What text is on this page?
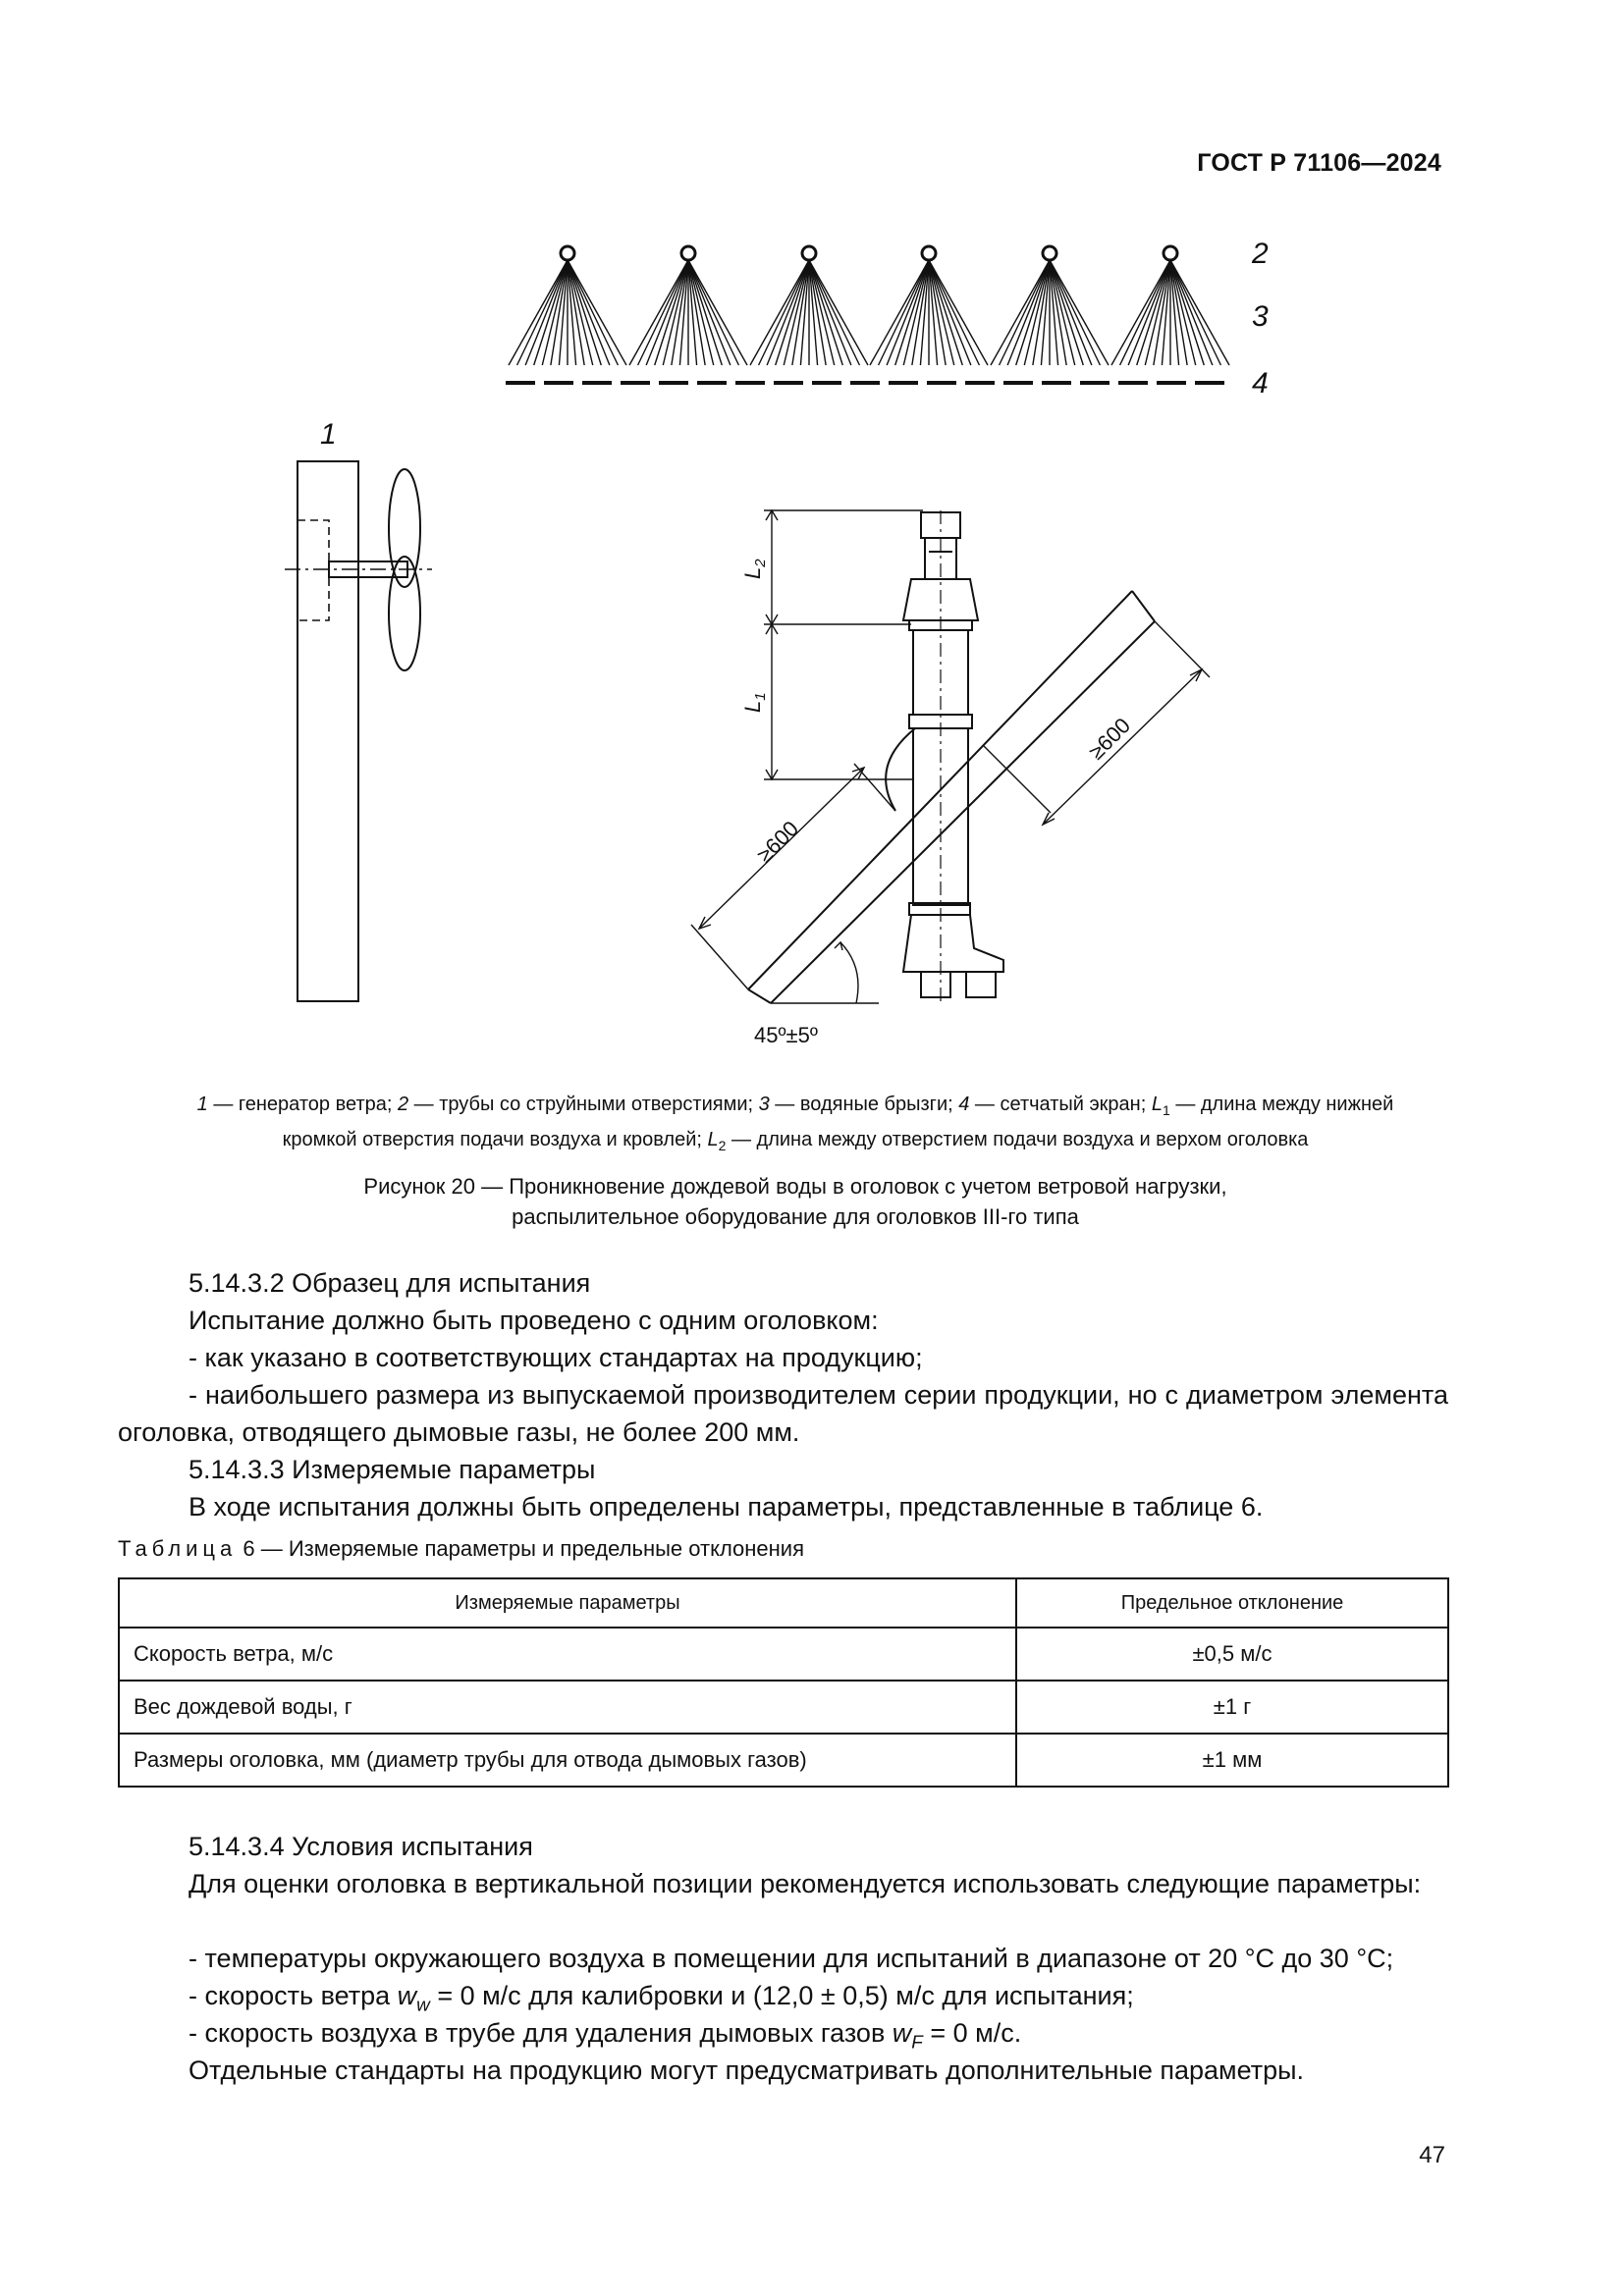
ГОСТ Р 71106—2024
2
3
4
1
$L_2$
$L_1$
≥600
≥600
45º±5º
1 — генератор ветра; 2 — трубы со струйными отверстиями; 3 — водяные брызги; 4 — сетчатый экран; $L_1$ — длина между нижней
кромкой отверстия подачи воздуха и кровлей; $L_2$ — длина между отверстием подачи воздуха и верхом оголовка
Рисунок 20 — Проникновение дождевой воды в оголовок с учетом ветровой нагрузки,
распылительное оборудование для оголовков III-го типа
5.14.3.2 Образец для испытания
Испытание должно быть проведено с одним оголовком:
- как указано в соответствующих стандартах на продукцию;
- наибольшего размера из выпускаемой производителем серии продукции, но с диаметром элемента оголовка, отводящего дымовые газы, не более 200 мм.
5.14.3.3 Измеряемые параметры
В ходе испытания должны быть определены параметры, представленные в таблице 6.
Таблица 6 — Измеряемые параметры и предельные отклонения
Измеряемые параметры	Предельное отклонение
Скорость ветра, м/с	±0,5 м/с
Вес дождевой воды, г	±1 г
Размеры оголовка, мм (диаметр трубы для отвода дымовых газов)	±1 мм
5.14.3.4 Условия испытания
Для оценки оголовка в вертикальной позиции рекомендуется использовать следующие параметры:
- температуры окружающего воздуха в помещении для испытаний в диапазоне от 20 °C до 30 °C;
- скорость ветра $w_w = 0$ м/с для калибровки и (12,0 ± 0,5) м/с для испытания;
- скорость воздуха в трубе для удаления дымовых газов $w_F = 0$ м/с.
Отдельные стандарты на продукцию могут предусматривать дополнительные параметры.
47
